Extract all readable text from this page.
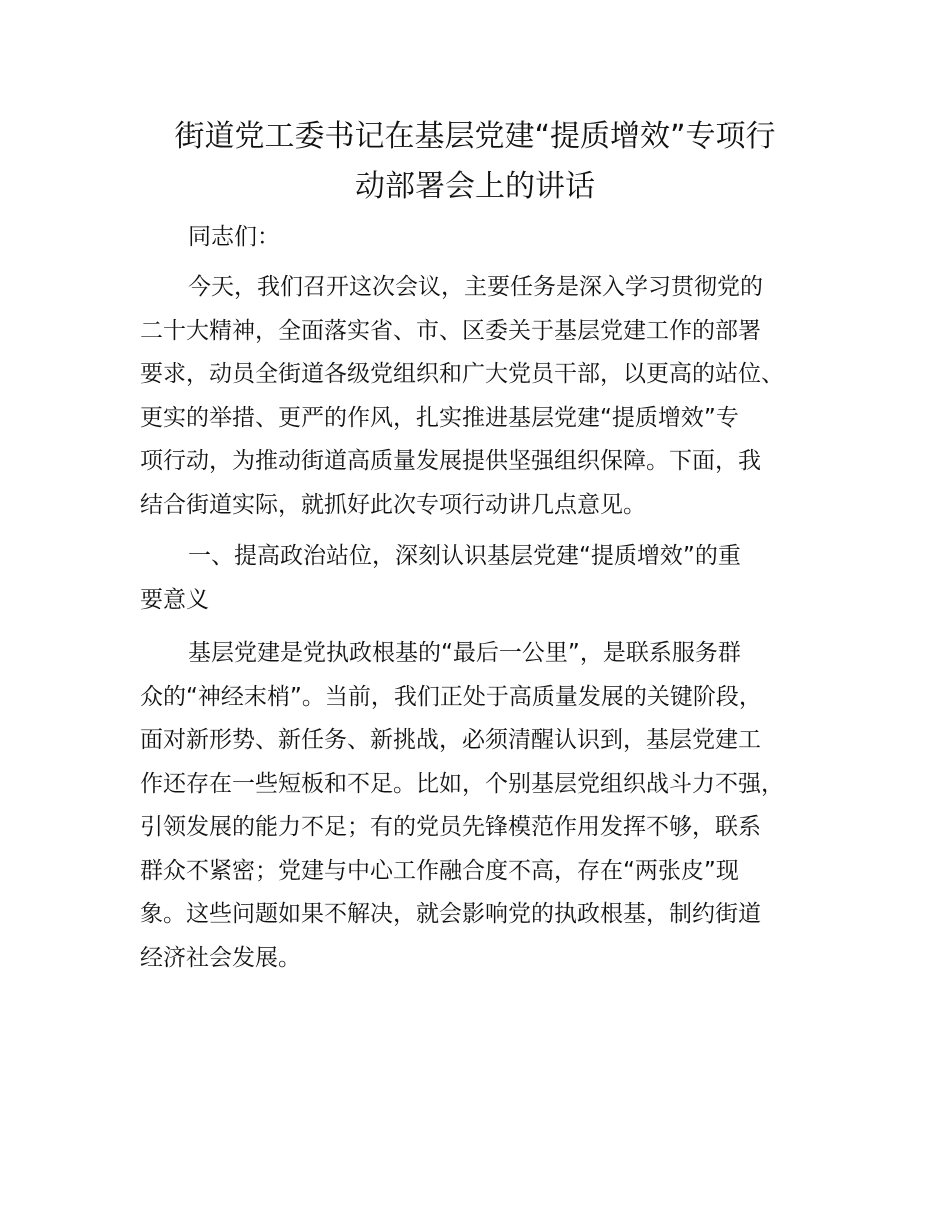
街道党工委书记在基层党建“提质增效”专项行
动部署会上的讲话

同志们：

今天，我们召开这次会议，主要任务是深入学习贯彻党的
二十大精神，全面落实省、市、区委关于基层党建工作的部署
要求，动员全街道各级党组织和广大党员干部，以更高的站位、
更实的举措、更严的作风，扎实推进基层党建“提质增效”专
项行动，为推动街道高质量发展提供坚强组织保障。下面，我
结合街道实际，就抓好此次专项行动讲几点意见。

一、提高政治站位，深刻认识基层党建“提质增效”的重
要意义

基层党建是党执政根基的“最后一公里”，是联系服务群
众的“神经末梢”。当前，我们正处于高质量发展的关键阶段，
面对新形势、新任务、新挑战，必须清醒认识到，基层党建工
作还存在一些短板和不足。比如，个别基层党组织战斗力不强，
引领发展的能力不足；有的党员先锋模范作用发挥不够，联系
群众不紧密；党建与中心工作融合度不高，存在“两张皮”现
象。这些问题如果不解决，就会影响党的执政根基，制约街道
经济社会发展。
